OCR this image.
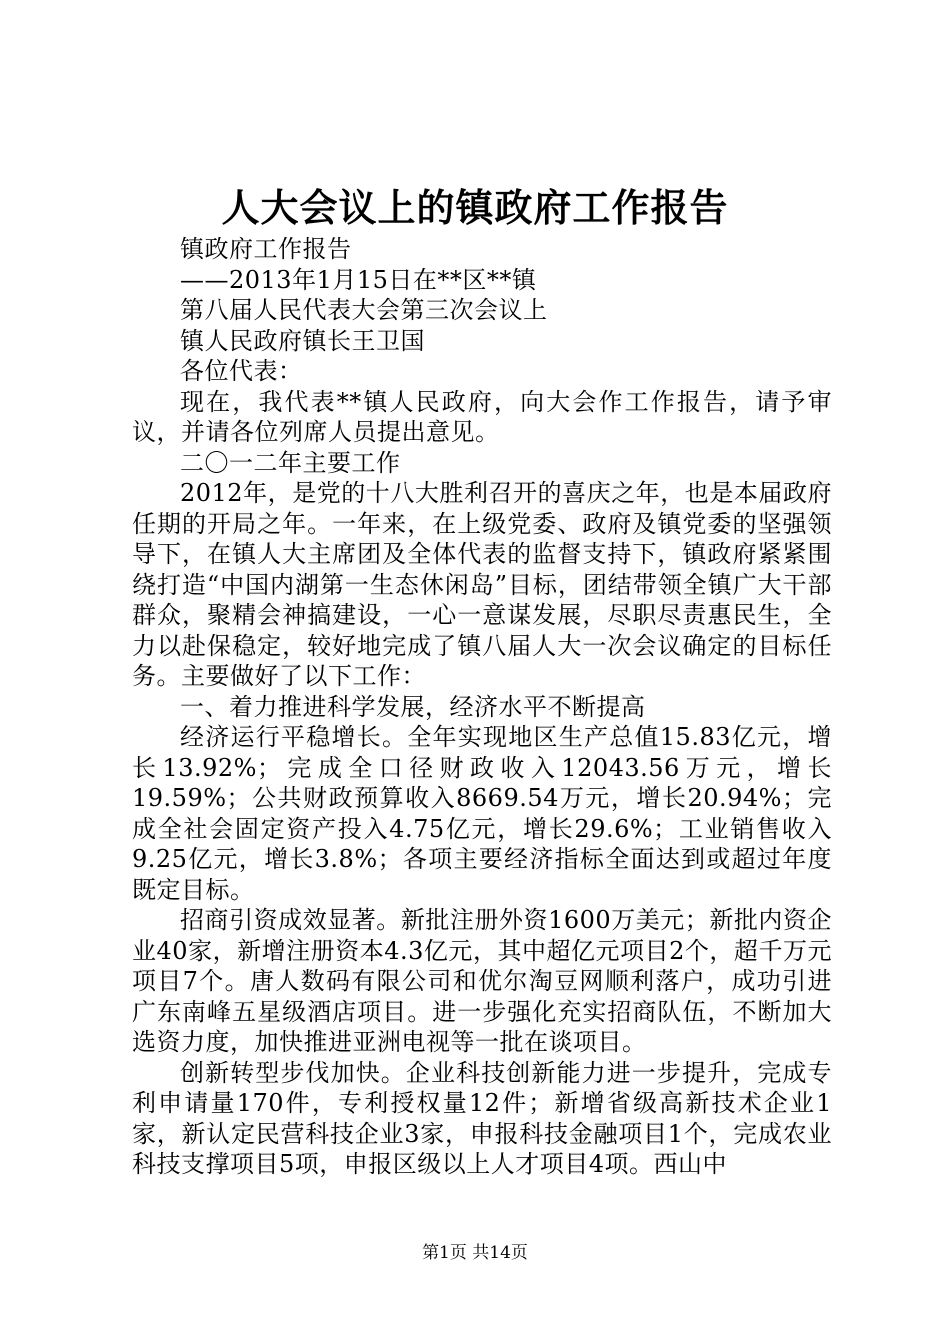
人大会议上的镇政府工作报告

镇政府工作报告

——2013年1月15日在**区**镇

第八届人民代表大会第三次会议上

镇人民政府镇长王卫国

各位代表：

现在，我代表**镇人民政府，向大会作工作报告，请予审议，并请各位列席人员提出意见。

二〇一二年主要工作

2012年，是党的十八大胜利召开的喜庆之年，也是本届政府任期的开局之年。一年来，在上级党委、政府及镇党委的坚强领导下，在镇人大主席团及全体代表的监督支持下，镇政府紧紧围绕打造“中国内湖第一生态休闲岛”目标，团结带领全镇广大干部群众，聚精会神搞建设，一心一意谋发展，尽职尽责惠民生，全力以赴保稳定，较好地完成了镇八届人大一次会议确定的目标任务。主要做好了以下工作：

一、着力推进科学发展，经济水平不断提高

经济运行平稳增长。全年实现地区生产总值15.83亿元，增长13.92%；完成全口径财政收入12043.56万元，增长19.59%；公共财政预算收入8669.54万元，增长20.94%；完成全社会固定资产投入4.75亿元，增长29.6%；工业销售收入9.25亿元，增长3.8%；各项主要经济指标全面达到或超过年度既定目标。

招商引资成效显著。新批注册外资1600万美元；新批内资企业40家，新增注册资本4.3亿元，其中超亿元项目2个，超千万元项目7个。唐人数码有限公司和优尔淘豆网顺利落户，成功引进广东南峰五星级酒店项目。进一步强化充实招商队伍，不断加大选资力度，加快推进亚洲电视等一批在谈项目。

创新转型步伐加快。企业科技创新能力进一步提升，完成专利申请量170件，专利授权量12件；新增省级高新技术企业1家，新认定民营科技企业3家，申报科技金融项目1个，完成农业科技支撑项目5项，申报区级以上人才项目4项。西山中

第1页 共14页
